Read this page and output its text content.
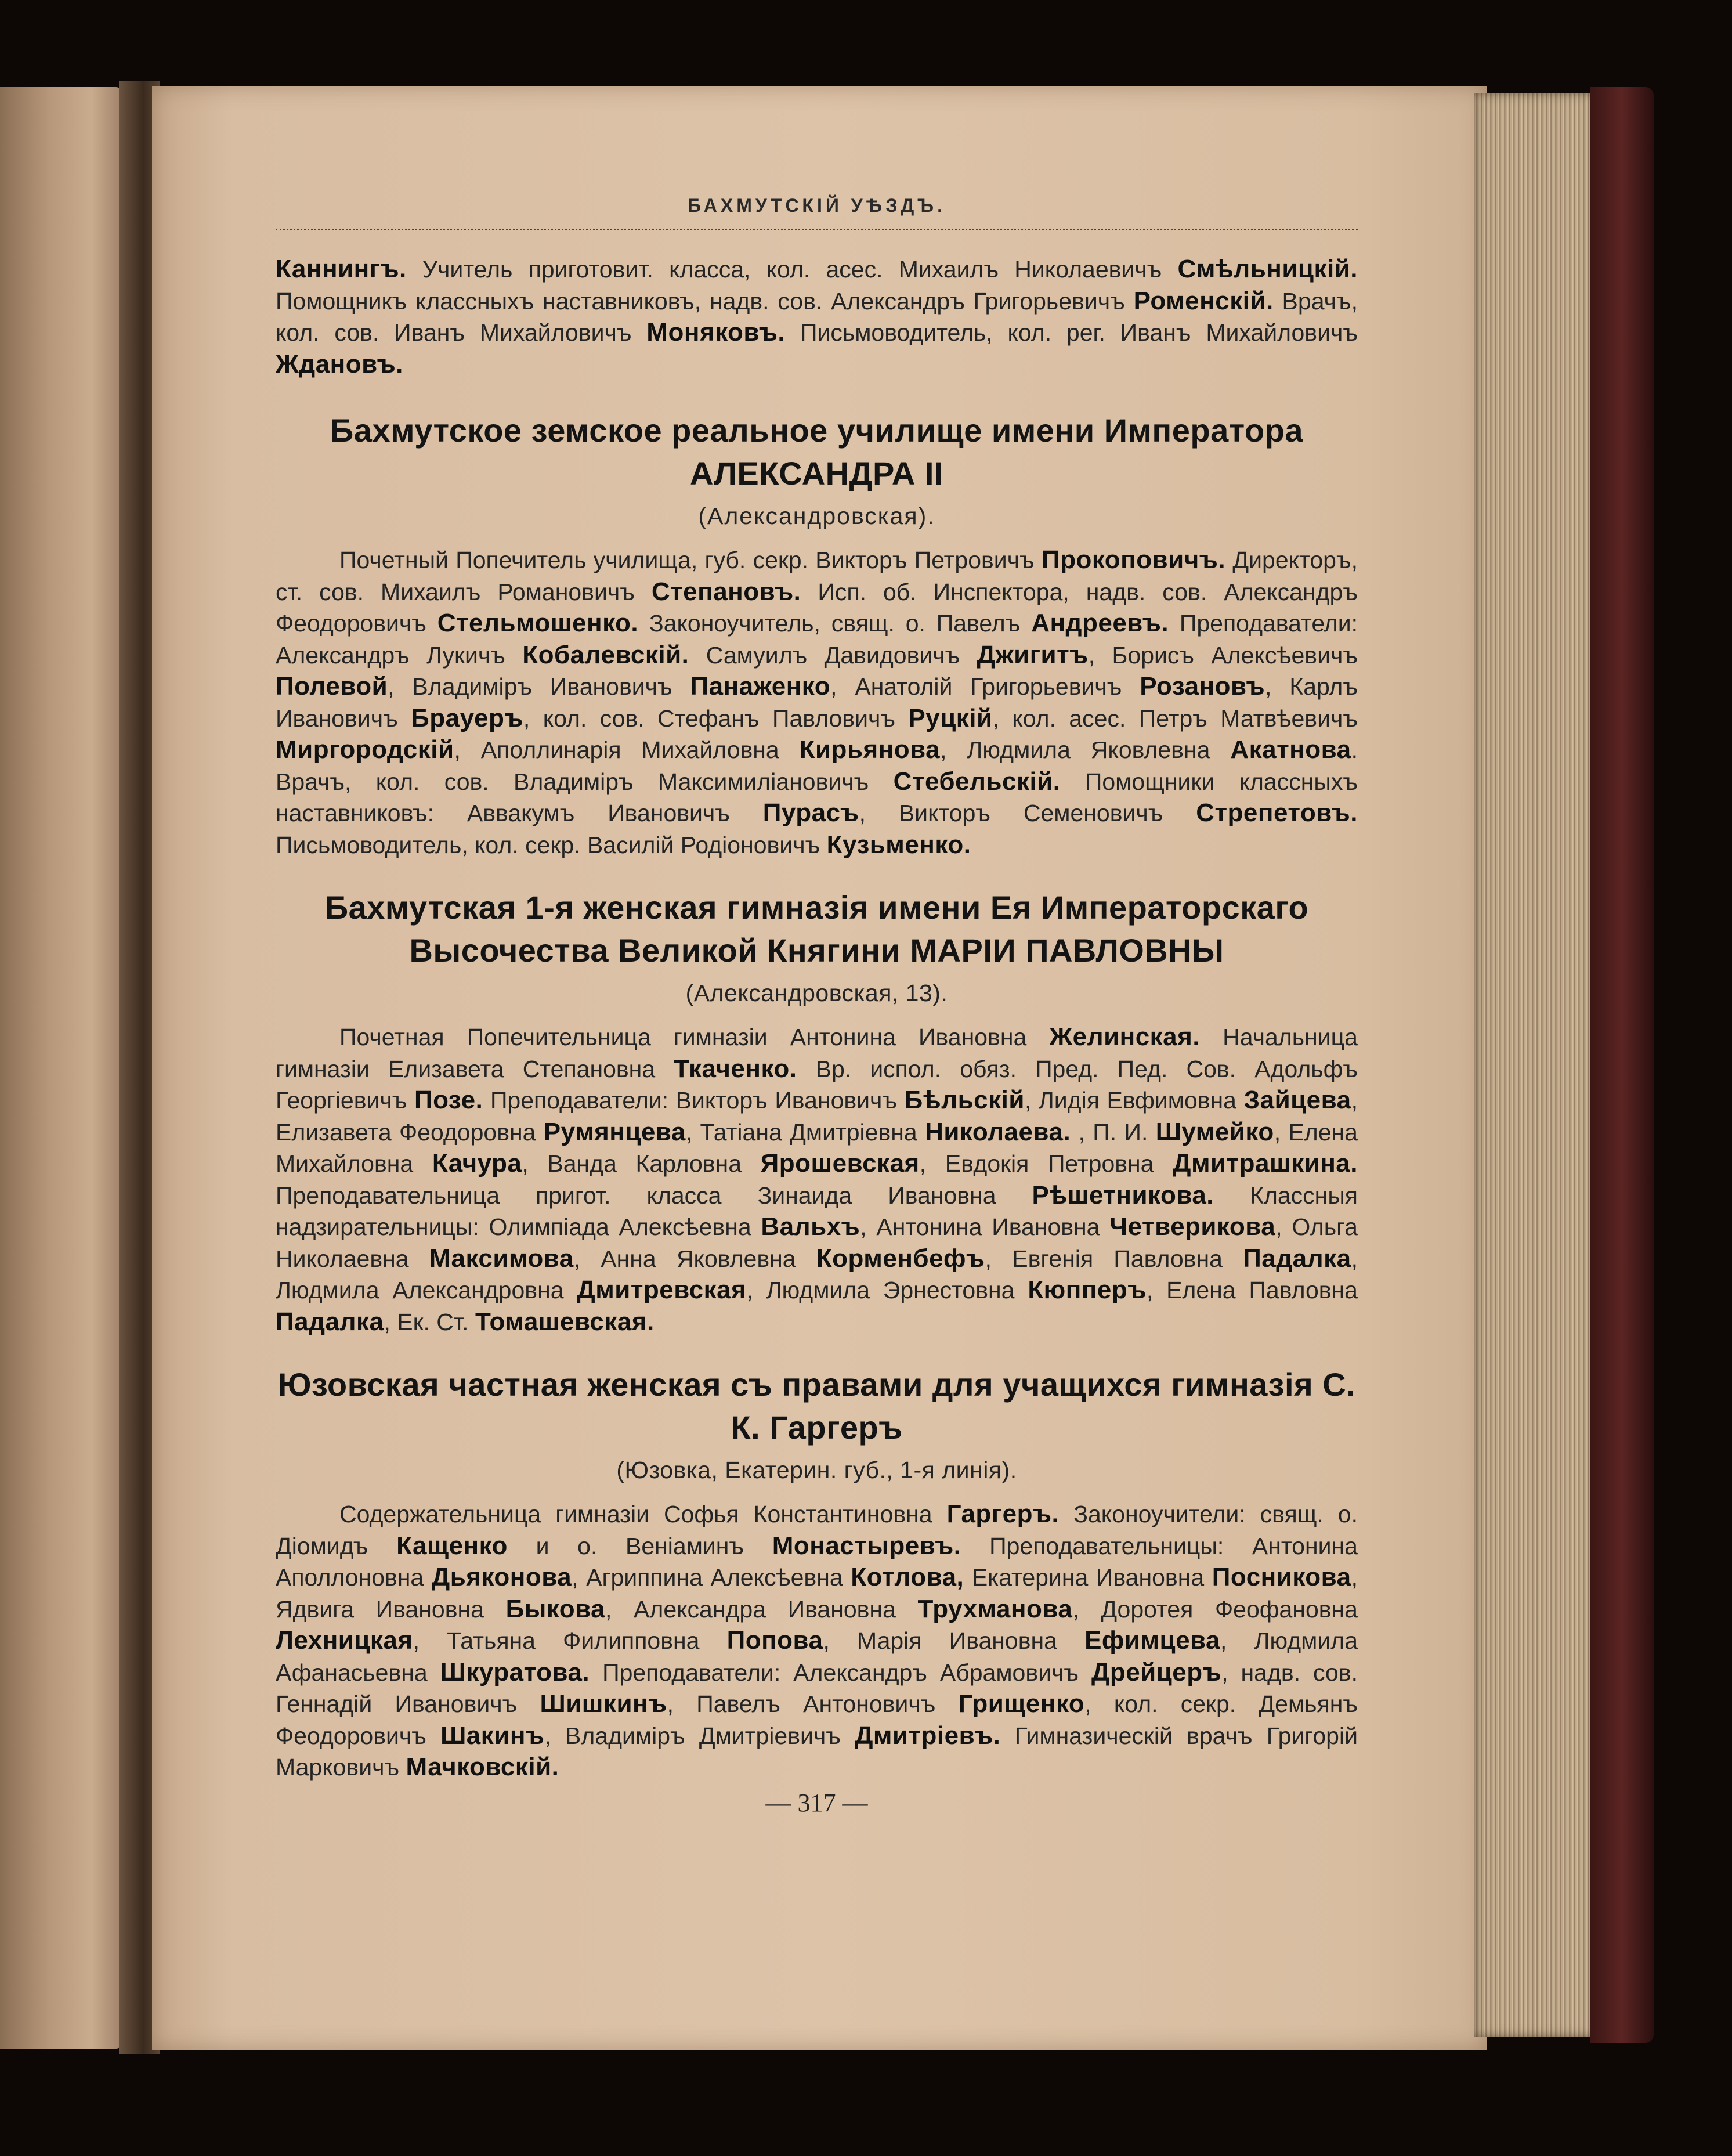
БАХМУТСКІЙ УѢЗДЪ.

Каннингъ. Учитель приготовит. класса, кол. асес. Михаилъ Николаевичъ Смѣльницкій. Помощникъ классныхъ наставниковъ, надв. сов. Александръ Григорьевичъ Роменскій. Врачъ, кол. сов. Иванъ Михайловичъ Моняковъ. Письмоводитель, кол. рег. Иванъ Михайловичъ Ждановъ.

Бахмутское земское реальное училище имени Императора АЛЕКСАНДРА II
(Александровская).

Почетный Попечитель училища, губ. секр. Викторъ Петровичъ Прокоповичъ. Директоръ, ст. сов. Михаилъ Романовичъ Степановъ. Исп. об. Инспектора, надв. сов. Александръ Феодоровичъ Стельмошенко. Законоучитель, свящ. о. Павелъ Андреевъ. Преподаватели: Александръ Лукичъ Кобалевскій. Самуилъ Давидовичъ Джигитъ, Борисъ Алексѣевичъ Полевой, Владиміръ Ивановичъ Панаженко, Анатолій Григорьевичъ Розановъ, Карлъ Ивановичъ Брауеръ, кол. сов. Стефанъ Павловичъ Руцкій, кол. асес. Петръ Матвѣевичъ Миргородскій, Аполлинарія Михайловна Кирьянова, Людмила Яковлевна Акатнова. Врачъ, кол. сов. Владиміръ Максимиліановичъ Стебельскій. Помощники классныхъ наставниковъ: Аввакумъ Ивановичъ Пурасъ, Викторъ Семеновичъ Стрепетовъ. Письмоводитель, кол. секр. Василій Родіоновичъ Кузьменко.

Бахмутская 1-я женская гимназія имени Ея Императорскаго Высочества Великой Княгини МАРІИ ПАВЛОВНЫ
(Александровская, 13).

Почетная Попечительница гимназіи Антонина Ивановна Желинская. Начальница гимназіи Елизавета Степановна Ткаченко. Вр. испол. обяз. Пред. Пед. Сов. Адольфъ Георгіевичъ Позе. Преподаватели: Викторъ Ивановичъ Бѣльскій, Лидія Евфимовна Зайцева, Елизавета Феодоровна Румянцева, Татіана Дмитріевна Николаева. , П. И. Шумейко, Елена Михайловна Качура, Ванда Карловна Ярошевская, Евдокія Петровна Дмитрашкина. Преподавательница пригот. класса Зинаида Ивановна Рѣшетникова. Классныя надзирательницы: Олимпіада Алексѣевна Вальхъ, Антонина Ивановна Четверикова, Ольга Николаевна Максимова, Анна Яковлевна Корменбефъ, Евгенія Павловна Падалка, Людмила Александровна Дмитревская, Людмила Эрнестовна Кюпперъ, Елена Павловна Падалка, Ек. Ст. Томашевская.

Юзовская частная женская съ правами для учащихся гимназія С. К. Гаргеръ
(Юзовка, Екатерин. губ., 1-я линія).

Содержательница гимназіи Софья Константиновна Гаргеръ. Законоучители: свящ. о. Діомидъ Кащенко и о. Веніаминъ Монастыревъ. Преподавательницы: Антонина Аполлоновна Дьяконова, Агриппина Алексѣевна Котлова, Екатерина Ивановна Посникова, Ядвига Ивановна Быкова, Александра Ивановна Трухманова, Доротея Феофановна Лехницкая, Татьяна Филипповна Попова, Марія Ивановна Ефимцева, Людмила Афанасьевна Шкуратова. Преподаватели: Александръ Абрамовичъ Дрейцеръ, надв. сов. Геннадій Ивановичъ Шишкинъ, Павелъ Антоновичъ Грищенко, кол. секр. Демьянъ Феодоровичъ Шакинъ, Владиміръ Дмитріевичъ Дмитріевъ. Гимназическій врачъ Григорій Марковичъ Мачковскій.

— 317 —
